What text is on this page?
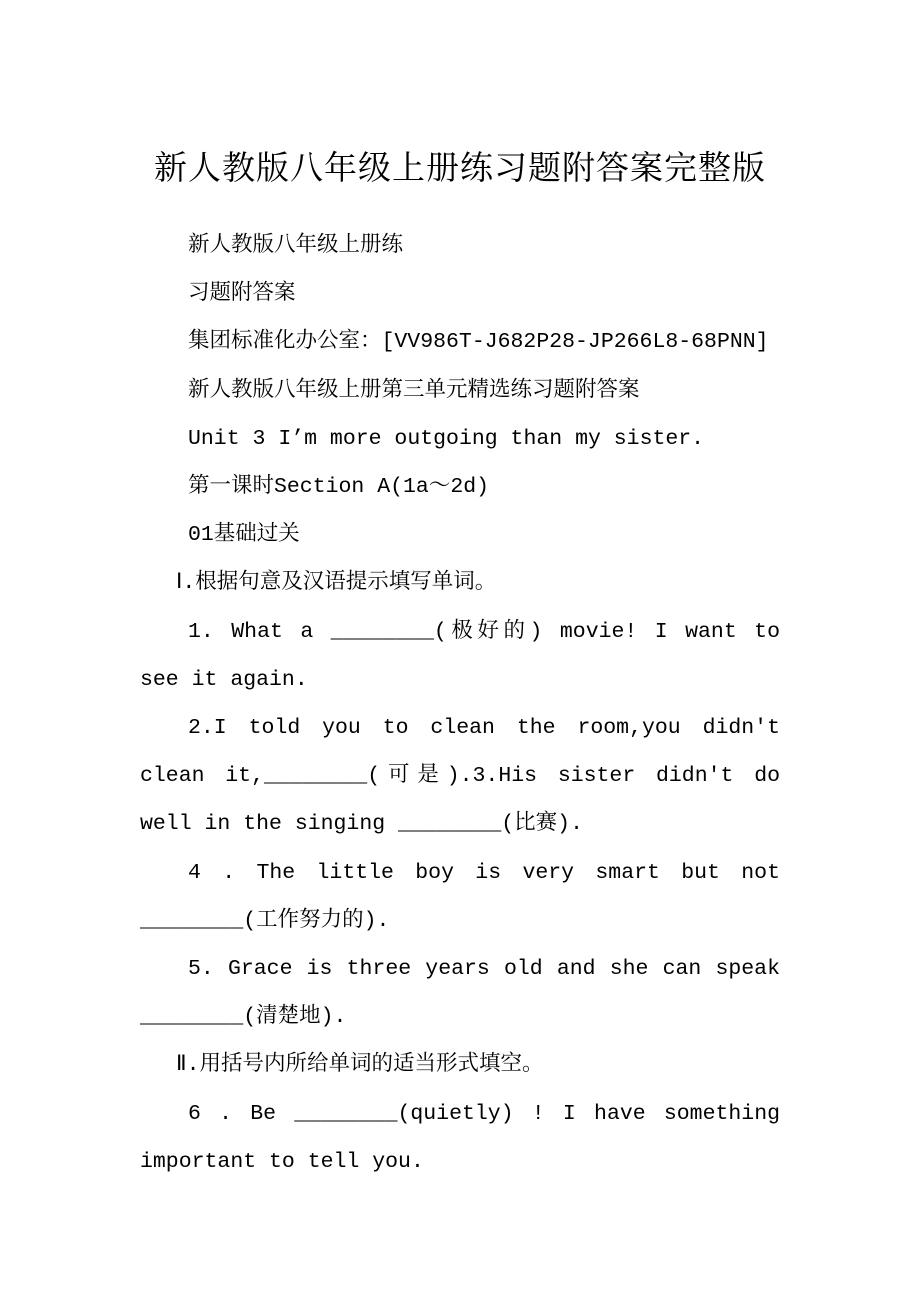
新人教版八年级上册练习题附答案完整版

新人教版八年级上册练

习题附答案

集团标准化办公室：[VV986T-J682P28-JP266L8-68PNN]

新人教版八年级上册第三单元精选练习题附答案

Unit 3 I’m more outgoing than my sister.

第一课时Section A(1a～2d)

01基础过关

Ⅰ.根据句意及汉语提示填写单词。

1. What a ________(极好的) movie! I want to see it again.

2.I told you to clean the room,you didn't clean it,________(可是).3.His sister didn't do well in the singing ________(比赛).

4 . The little boy is very smart but not ________(工作努力的).

5. Grace is three years old and she can speak ________(清楚地).

Ⅱ.用括号内所给单词的适当形式填空。

6 . Be ________(quietly) ! I have something important to tell you.
